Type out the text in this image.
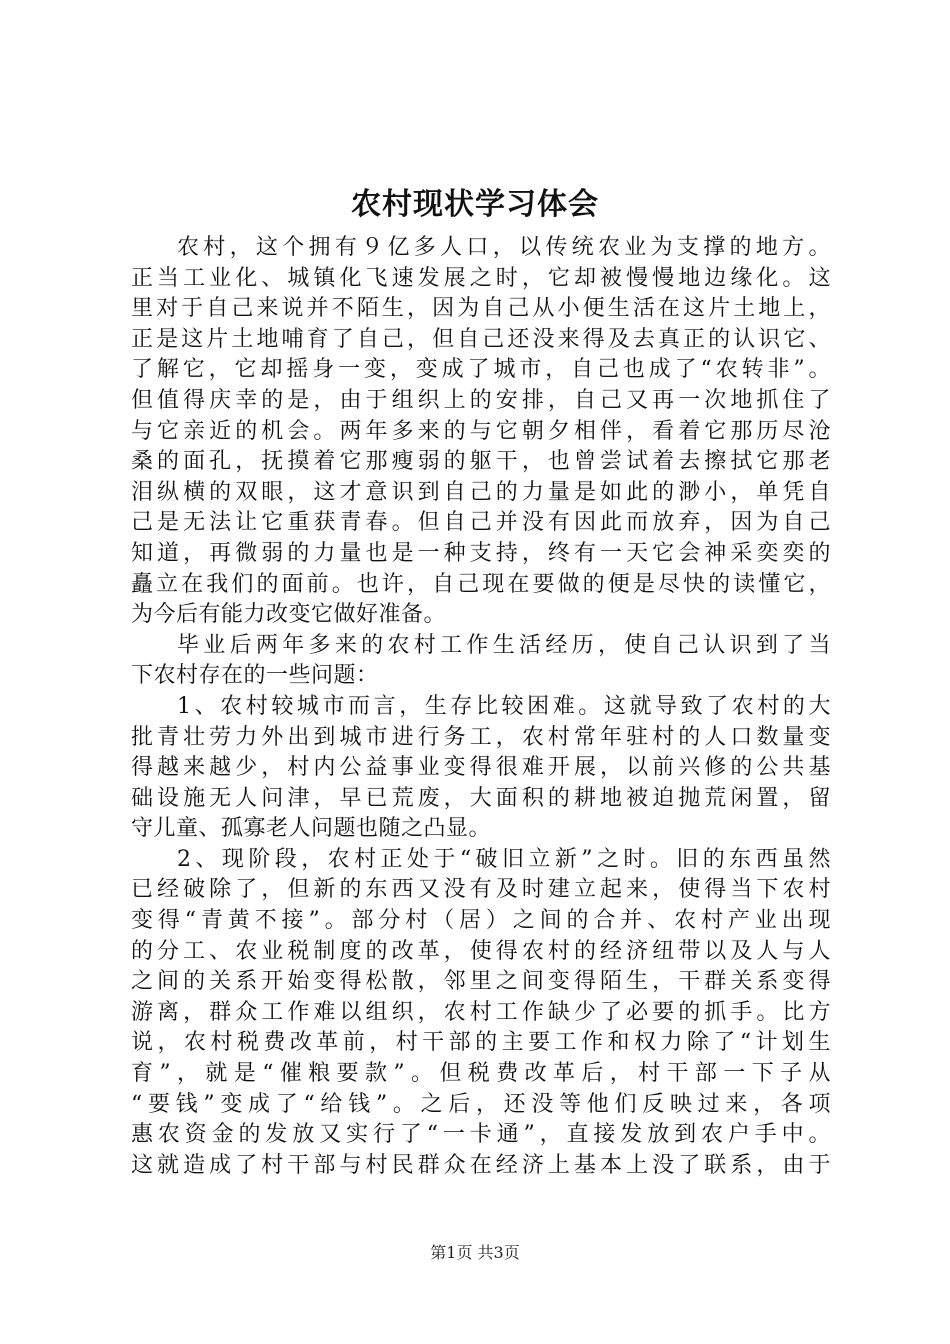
农村现状学习体会
农村，这个拥有９亿多人口，以传统农业为支撑的地方。
正当工业化、城镇化飞速发展之时，它却被慢慢地边缘化。这
里对于自己来说并不陌生，因为自己从小便生活在这片土地上，
正是这片土地哺育了自己，但自己还没来得及去真正的认识它、
了解它，它却摇身一变，变成了城市，自己也成了“农转非”。
但值得庆幸的是，由于组织上的安排，自己又再一次地抓住了
与它亲近的机会。两年多来的与它朝夕相伴，看着它那历尽沧
桑的面孔，抚摸着它那瘦弱的躯干，也曾尝试着去擦拭它那老
泪纵横的双眼，这才意识到自己的力量是如此的渺小，单凭自
己是无法让它重获青春。但自己并没有因此而放弃，因为自己
知道，再微弱的力量也是一种支持，终有一天它会神采奕奕的
矗立在我们的面前。也许，自己现在要做的便是尽快的读懂它，
为今后有能力改变它做好准备。
毕业后两年多来的农村工作生活经历，使自己认识到了当
下农村存在的一些问题：
1、农村较城市而言，生存比较困难。这就导致了农村的大
批青壮劳力外出到城市进行务工，农村常年驻村的人口数量变
得越来越少，村内公益事业变得很难开展，以前兴修的公共基
础设施无人问津，早已荒废，大面积的耕地被迫抛荒闲置，留
守儿童、孤寡老人问题也随之凸显。
2、现阶段，农村正处于“破旧立新”之时。旧的东西虽然
已经破除了，但新的东西又没有及时建立起来，使得当下农村
变得“青黄不接”。部分村（居）之间的合并、农村产业出现
的分工、农业税制度的改革，使得农村的经济纽带以及人与人
之间的关系开始变得松散，邻里之间变得陌生，干群关系变得
游离，群众工作难以组织，农村工作缺少了必要的抓手。比方
说，农村税费改革前，村干部的主要工作和权力除了“计划生
育”，就是“催粮要款”。但税费改革后，村干部一下子从
“要钱”变成了“给钱”。之后，还没等他们反映过来，各项
惠农资金的发放又实行了“一卡通”，直接发放到农户手中。
这就造成了村干部与村民群众在经济上基本上没了联系，由于
第1页 共3页
